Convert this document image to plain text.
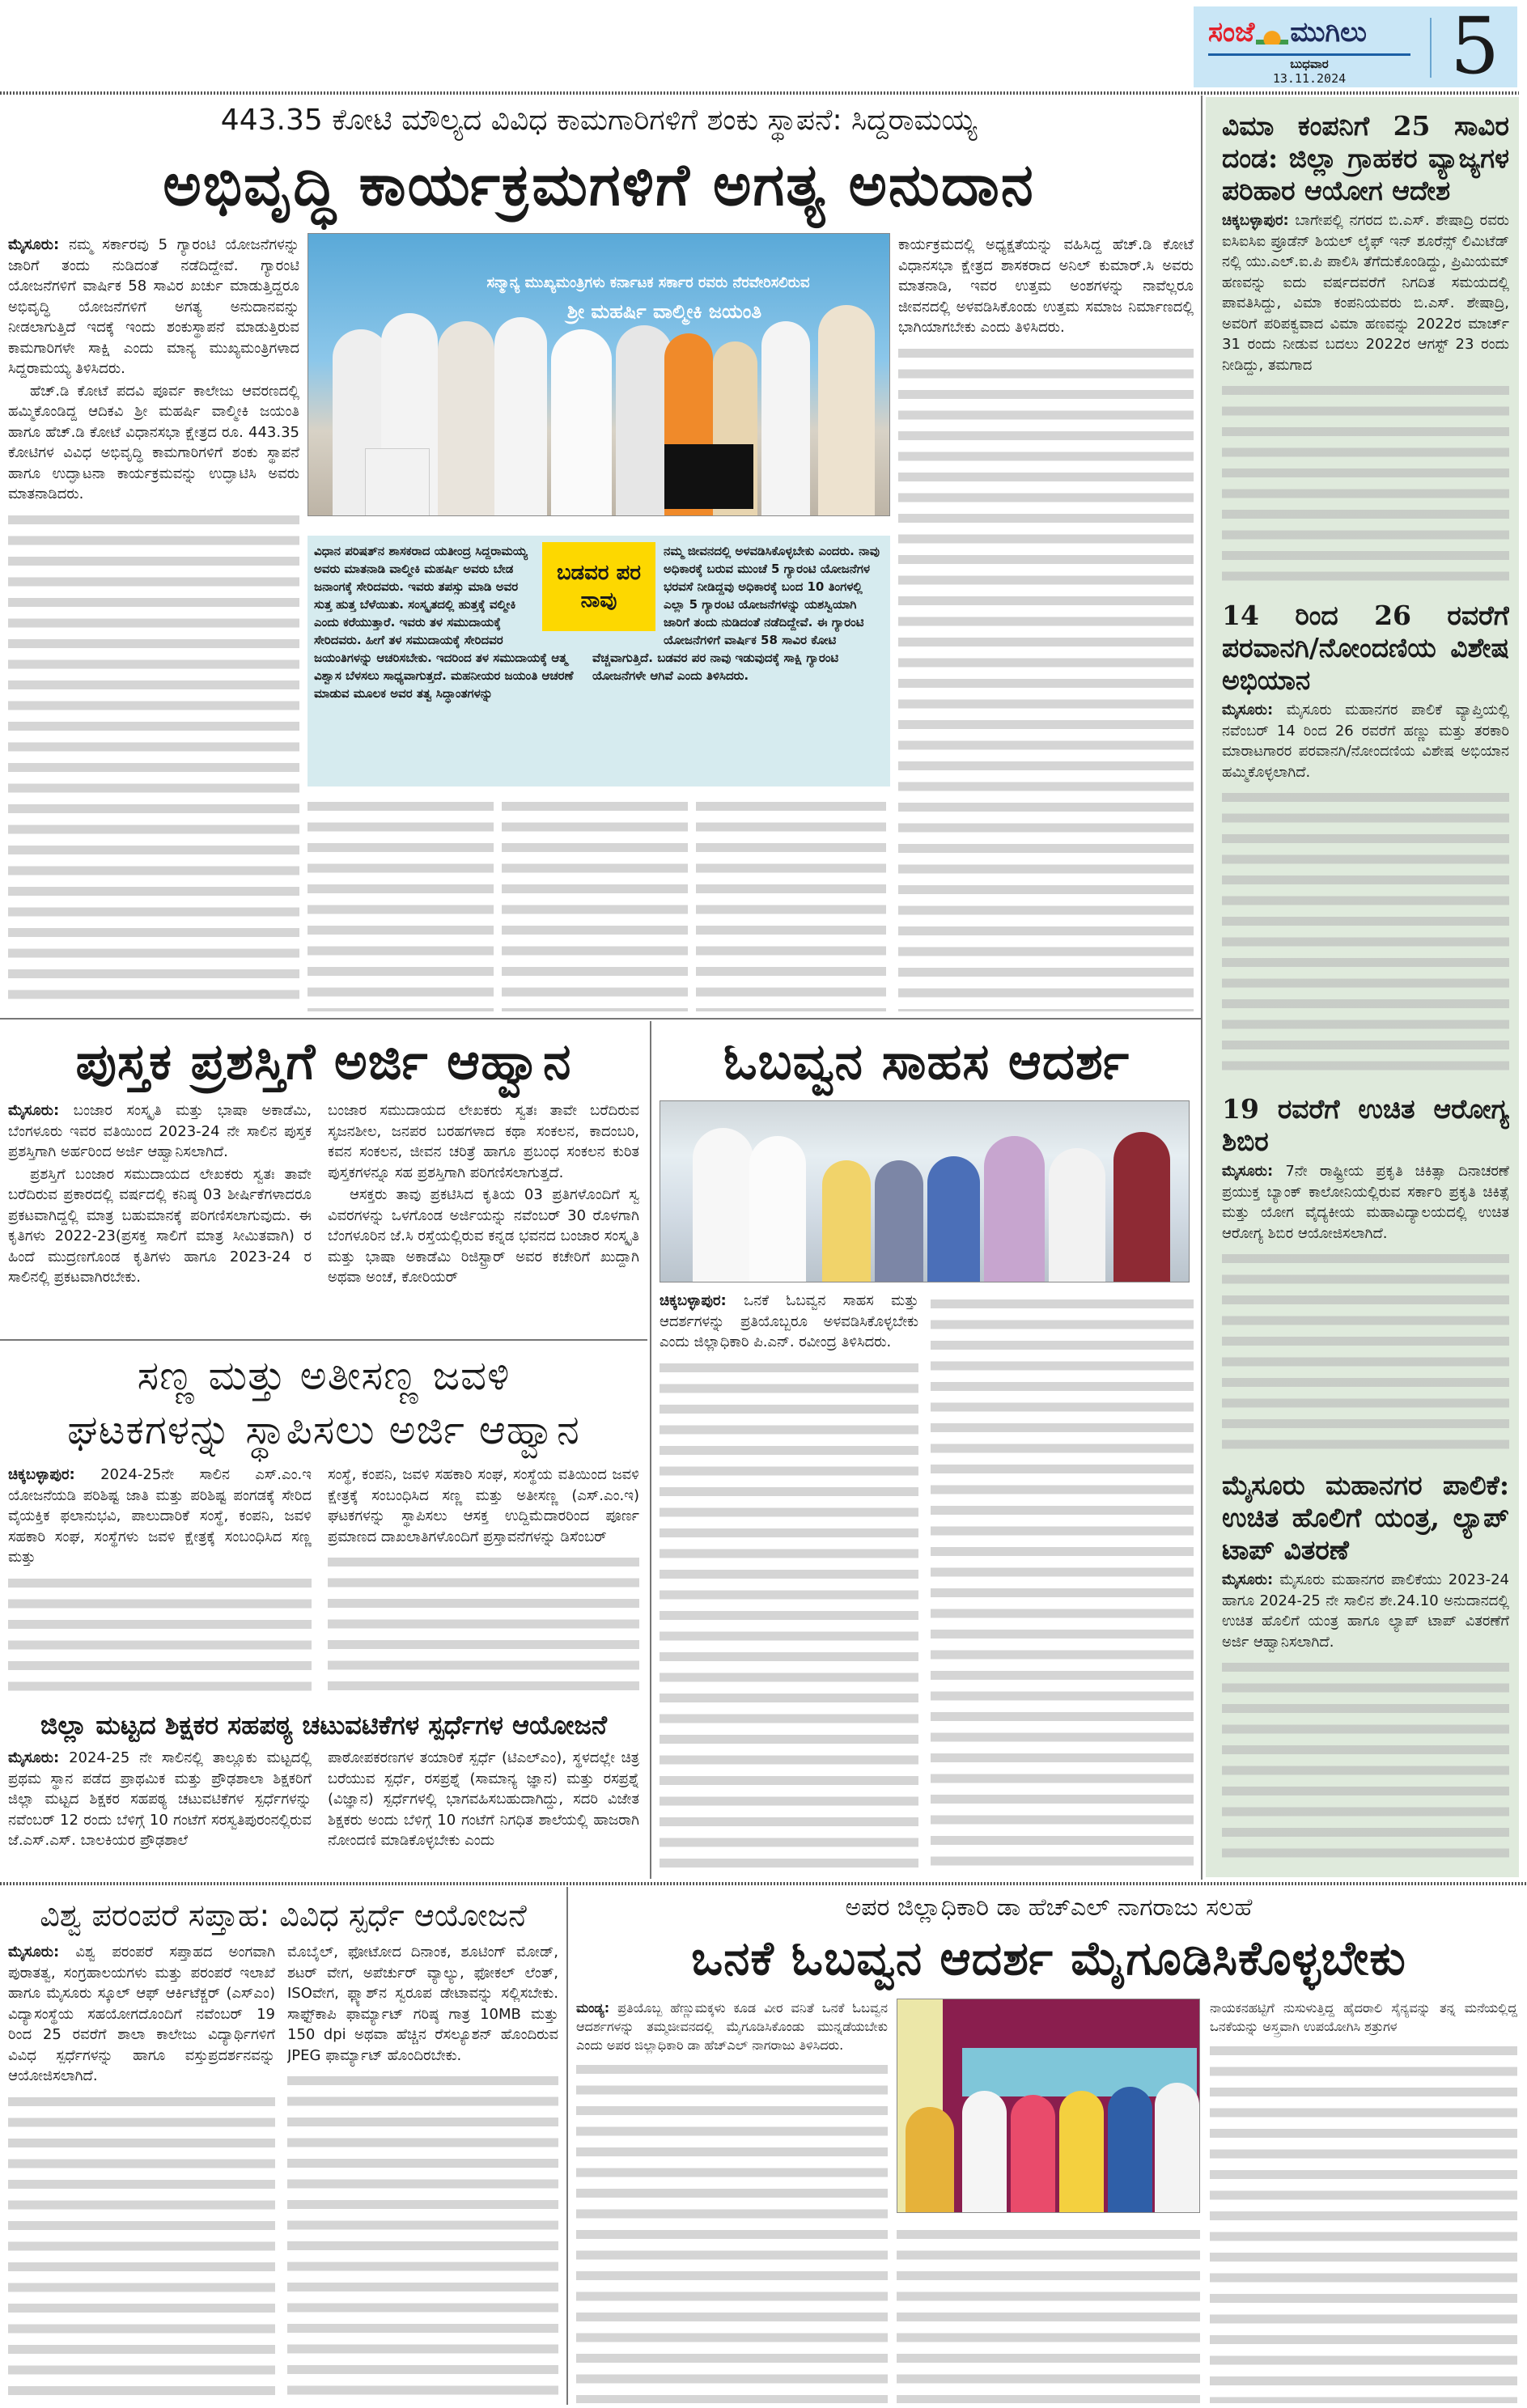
ಸಂಜೆ ಮುಗಿಲು
ಬುಧವಾರ
13.11.2024	5
443.35 ಕೋಟಿ ಮೌಲ್ಯದ ವಿವಿಧ ಕಾಮಗಾರಿಗಳಿಗೆ ಶಂಕು ಸ್ಥಾಪನೆ: ಸಿದ್ದರಾಮಯ್ಯ
ಅಭಿವೃದ್ಧಿ ಕಾರ್ಯಕ್ರಮಗಳಿಗೆ ಅಗತ್ಯ ಅನುದಾನ

ಮೈಸೂರು: ನಮ್ಮ ಸರ್ಕಾರವು 5 ಗ್ಯಾರಂಟಿ ಯೋಜನೆಗಳನ್ನು ಜಾರಿಗೆ ತಂದು ನುಡಿದಂತೆ ನಡೆದಿದ್ದೇವೆ. ಗ್ಯಾರಂಟಿ ಯೋಜನೆಗಳಿಗೆ ವಾರ್ಷಿಕ 58 ಸಾವಿರ ಖರ್ಚು ಮಾಡುತ್ತಿದ್ದರೂ ಅಭಿವೃದ್ಧಿ ಯೋಜನೆಗಳಿಗೆ ಅಗತ್ಯ ಅನುದಾನವನ್ನು ನೀಡಲಾಗುತ್ತಿದೆ ಇದಕ್ಕೆ ಇಂದು ಶಂಕುಸ್ಥಾಪನೆ ಮಾಡುತ್ತಿರುವ ಕಾಮಗಾರಿಗಳೇ ಸಾಕ್ಷಿ ಎಂದು ಮಾನ್ಯ ಮುಖ್ಯಮಂತ್ರಿಗಳಾದ ಸಿದ್ದರಾಮಯ್ಯ ತಿಳಿಸಿದರು.

ಹೆಚ್.ಡಿ ಕೋಟೆ ಪದವಿ ಪೂರ್ವ ಕಾಲೇಜು ಆವರಣದಲ್ಲಿ ಹಮ್ಮಿಕೊಂಡಿದ್ದ ಆದಿಕವಿ ಶ್ರೀ ಮಹರ್ಷಿ ವಾಲ್ಮೀಕಿ ಜಯಂತಿ ಹಾಗೂ ಹೆಚ್.ಡಿ ಕೋಟೆ ವಿಧಾನಸಭಾ ಕ್ಷೇತ್ರದ ರೂ. 443.35 ಕೋಟಿಗಳ ವಿವಿಧ ಅಭಿವೃದ್ಧಿ ಕಾಮಗಾರಿಗಳಿಗೆ ಶಂಕು ಸ್ಥಾಪನೆ ಹಾಗೂ ಉದ್ಘಾಟನಾ ಕಾರ್ಯಕ್ರಮವನ್ನು ಉದ್ಘಾಟಿಸಿ ಅವರು ಮಾತನಾಡಿದರು.

ಸನ್ಮಾನ್ಯ ಮುಖ್ಯಮಂತ್ರಿಗಳು ಕರ್ನಾಟಕ ಸರ್ಕಾರ ರವರು ನೆರವೇರಿಸಲಿರುವ
ಶ್ರೀ ಮಹರ್ಷಿ ವಾಲ್ಮೀಕಿ ಜಯಂತಿ
ವಿಧಾನ ಪರಿಷತ್‌ನ ಶಾಸಕರಾದ ಯತೀಂದ್ರ ಸಿದ್ದರಾಮಯ್ಯ ಅವರು ಮಾತನಾಡಿ ವಾಲ್ಮೀಕಿ ಮಹರ್ಷಿ ಅವರು ಬೇಡ ಜನಾಂಗಕ್ಕೆ ಸೇರಿದವರು. ಇವರು ತಪಸ್ಸು ಮಾಡಿ ಅವರ ಸುತ್ತ ಹುತ್ತ ಬೆಳೆಯಿತು. ಸಂಸ್ಕೃತದಲ್ಲಿ ಹುತ್ತಕ್ಕೆ ವಲ್ಮೀಕಿ ಎಂದು ಕರೆಯುತ್ತಾರೆ. ಇವರು ತಳ ಸಮುದಾಯಕ್ಕೆ ಸೇರಿದವರು. ಹೀಗೆ ತಳ ಸಮುದಾಯಕ್ಕೆ ಸೇರಿದವರ ಜಯಂತಿಗಳನ್ನು ಆಚರಿಸಬೇಕು. ಇದರಿಂದ ತಳ ಸಮುದಾಯಕ್ಕೆ ಆತ್ಮ ವಿಶ್ವಾಸ ಬೆಳಸಲು ಸಾಧ್ಯವಾಗುತ್ತದೆ. ಮಹನೀಯರ ಜಯಂತಿ ಆಚರಣೆ ಮಾಡುವ ಮೂಲಕ ಅವರ ತತ್ವ ಸಿದ್ಧಾಂತಗಳನ್ನು
ಬಡವರ ಪರ ನಾವು
ನಮ್ಮ ಜೀವನದಲ್ಲಿ ಅಳವಡಿಸಿಕೊಳ್ಳಬೇಕು ಎಂದರು. ನಾವು ಅಧಿಕಾರಕ್ಕೆ ಬರುವ ಮುಂಚೆ 5 ಗ್ಯಾರಂಟಿ ಯೋಜನೆಗಳ ಭರವಸೆ ನೀಡಿದ್ದವು ಅಧಿಕಾರಕ್ಕೆ ಬಂದ 10 ತಿಂಗಳಲ್ಲಿ ಎಲ್ಲಾ 5 ಗ್ಯಾರಂಟಿ ಯೋಜನೆಗಳನ್ನು ಯಶಸ್ವಿಯಾಗಿ ಜಾರಿಗೆ ತಂದು ನುಡಿದಂತೆ ನಡೆದಿದ್ದೇವೆ. ಈ ಗ್ಯಾರಂಟಿ ಯೋಜನೆಗಳಿಗೆ ವಾರ್ಷಿಕ 58 ಸಾವಿರ ಕೋಟಿ ವೆಚ್ಚವಾಗುತ್ತಿದೆ. ಬಡವರ ಪರ ನಾವು ಇಡುವುದಕ್ಕೆ ಸಾಕ್ಷಿ ಗ್ಯಾರಂಟಿ ಯೋಜನೆಗಳೇ ಆಗಿವೆ ಎಂದು ತಿಳಿಸಿದರು.

ಕಾರ್ಯಕ್ರಮದಲ್ಲಿ ಅಧ್ಯಕ್ಷತೆಯನ್ನು ವಹಿಸಿದ್ದ ಹೆಚ್.ಡಿ ಕೋಟೆ ವಿಧಾನಸಭಾ ಕ್ಷೇತ್ರದ ಶಾಸಕರಾದ ಅನಿಲ್ ಕುಮಾರ್.ಸಿ ಅವರು ಮಾತನಾಡಿ, ಇವರ ಉತ್ತಮ ಅಂಶಗಳನ್ನು ನಾವೆಲ್ಲರೂ ಜೀವನದಲ್ಲಿ ಅಳವಡಿಸಿಕೊಂಡು ಉತ್ತಮ ಸಮಾಜ ನಿರ್ಮಾಣದಲ್ಲಿ ಭಾಗಿಯಾಗಬೇಕು ಎಂದು ತಿಳಿಸಿದರು.

ವಿಮಾ ಕಂಪನಿಗೆ 25 ಸಾವಿರ ದಂಡ: ಜಿಲ್ಲಾ ಗ್ರಾಹಕರ ವ್ಯಾಜ್ಯಗಳ ಪರಿಹಾರ ಆಯೋಗ ಆದೇಶ

ಚಿಕ್ಕಬಳ್ಳಾಪುರ: ಬಾಗೇಪಲ್ಲಿ ನಗರದ ಬಿ.ಎಸ್. ಶೇಷಾದ್ರಿ ರವರು ಐಸಿಐಸಿಐ ಪ್ರೂಡೆನ್ ಶಿಯಲ್ ಲೈಫ್ ಇನ್ ಶೂರೆನ್ಸ್ ಲಿಮಿಟೆಡ್ ನಲ್ಲಿ ಯು.ಎಲ್.ಐ.ಪಿ ಪಾಲಿಸಿ ತೆಗೆದುಕೊಂಡಿದ್ದು, ಪ್ರಿಮಿಯಮ್ ಹಣವನ್ನು ಐದು ವರ್ಷದವರೆಗೆ ನಿಗದಿತ ಸಮಯದಲ್ಲಿ ಪಾವತಿಸಿದ್ದು, ವಿಮಾ ಕಂಪನಿಯವರು ಬಿ.ಎಸ್. ಶೇಷಾದ್ರಿ, ಅವರಿಗೆ ಪರಿಪಕ್ವವಾದ ವಿಮಾ ಹಣವನ್ನು 2022ರ ಮಾರ್ಚ್ 31 ರಂದು ನೀಡುವ ಬದಲು 2022ರ ಆಗಸ್ಟ್ 23 ರಂದು ನೀಡಿದ್ದು, ತಮಗಾದ

14 ರಿಂದ 26 ರವರೆಗೆ ಪರವಾನಗಿ/ನೋಂದಣಿಯ ವಿಶೇಷ ಅಭಿಯಾನ

ಮೈಸೂರು: ಮೈಸೂರು ಮಹಾನಗರ ಪಾಲಿಕೆ ವ್ಯಾಪ್ತಿಯಲ್ಲಿ ನವೆಂಬರ್ 14 ರಿಂದ 26 ರವರೆಗೆ ಹಣ್ಣು ಮತ್ತು ತರಕಾರಿ ಮಾರಾಟಗಾರರ ಪರವಾನಗಿ/ನೋಂದಣಿಯ ವಿಶೇಷ ಅಭಿಯಾನ ಹಮ್ಮಿಕೊಳ್ಳಲಾಗಿದೆ.

19 ರವರೆಗೆ ಉಚಿತ ಆರೋಗ್ಯ ಶಿಬಿರ

ಮೈಸೂರು: 7ನೇ ರಾಷ್ಟ್ರೀಯ ಪ್ರಕೃತಿ ಚಿಕಿತ್ಸಾ ದಿನಾಚರಣೆ ಪ್ರಯುಕ್ತ ಬ್ಯಾಂಕ್ ಕಾಲೋನಿಯಲ್ಲಿರುವ ಸರ್ಕಾರಿ ಪ್ರಕೃತಿ ಚಿಕಿತ್ಸೆ ಮತ್ತು ಯೋಗ ವೈದ್ಯಕೀಯ ಮಹಾವಿದ್ಯಾಲಯದಲ್ಲಿ ಉಚಿತ ಆರೋಗ್ಯ ಶಿಬಿರ ಆಯೋಜಿಸಲಾಗಿದೆ.

ಮೈಸೂರು ಮಹಾನಗರ ಪಾಲಿಕೆ: ಉಚಿತ ಹೊಲಿಗೆ ಯಂತ್ರ, ಲ್ಯಾಪ್ ಟಾಪ್ ವಿತರಣೆ

ಮೈಸೂರು: ಮೈಸೂರು ಮಹಾನಗರ ಪಾಲಿಕೆಯು 2023-24 ಹಾಗೂ 2024-25 ನೇ ಸಾಲಿನ ಶೇ.24.10 ಅನುದಾನದಲ್ಲಿ ಉಚಿತ ಹೊಲಿಗೆ ಯಂತ್ರ ಹಾಗೂ ಲ್ಯಾಪ್ ಟಾಪ್ ವಿತರಣೆಗೆ ಅರ್ಜಿ ಆಹ್ವಾನಿಸಲಾಗಿದೆ.

ಪುಸ್ತಕ ಪ್ರಶಸ್ತಿಗೆ ಅರ್ಜಿ ಆಹ್ವಾನ

ಮೈಸೂರು: ಬಂಜಾರ ಸಂಸ್ಕೃತಿ ಮತ್ತು ಭಾಷಾ ಅಕಾಡೆಮಿ, ಬೆಂಗಳೂರು ಇವರ ವತಿಯಿಂದ 2023-24 ನೇ ಸಾಲಿನ ಪುಸ್ತಕ ಪ್ರಶಸ್ತಿಗಾಗಿ ಅರ್ಹರಿಂದ ಅರ್ಜಿ ಆಹ್ವಾನಿಸಲಾಗಿದೆ.

ಪ್ರಶಸ್ತಿಗೆ ಬಂಜಾರ ಸಮುದಾಯದ ಲೇಖಕರು ಸ್ವತಃ ತಾವೇ ಬರೆದಿರುವ ಪ್ರಕಾರದಲ್ಲಿ ವರ್ಷದಲ್ಲಿ ಕನಿಷ್ಠ 03 ಶೀರ್ಷಿಕೆಗಳಾದರೂ ಪ್ರಕಟವಾಗಿದ್ದಲ್ಲಿ ಮಾತ್ರ ಬಹುಮಾನಕ್ಕೆ ಪರಿಗಣಿಸಲಾಗುವುದು. ಈ ಕೃತಿಗಳು 2022-23(ಪ್ರಸಕ್ತ ಸಾಲಿಗೆ ಮಾತ್ರ ಸೀಮಿತವಾಗಿ) ರ ಹಿಂದೆ ಮುದ್ರಣಗೊಂಡ ಕೃತಿಗಳು ಹಾಗೂ 2023-24 ರ ಸಾಲಿನಲ್ಲಿ ಪ್ರಕಟವಾಗಿರಬೇಕು.

ಬಂಜಾರ ಸಮುದಾಯದ ಲೇಖಕರು ಸ್ವತಃ ತಾವೇ ಬರೆದಿರುವ ಸೃಜನಶೀಲ, ಜನಪರ ಬರಹಗಳಾದ ಕಥಾ ಸಂಕಲನ, ಕಾದಂಬರಿ, ಕವನ ಸಂಕಲನ, ಜೀವನ ಚರಿತ್ರೆ ಹಾಗೂ ಪ್ರಬಂಧ ಸಂಕಲನ ಕುರಿತ ಪುಸ್ತಕಗಳನ್ನೂ ಸಹ ಪ್ರಶಸ್ತಿಗಾಗಿ ಪರಿಗಣಿಸಲಾಗುತ್ತದೆ.

ಆಸಕ್ತರು ತಾವು ಪ್ರಕಟಿಸಿದ ಕೃತಿಯ 03 ಪ್ರತಿಗಳೊಂದಿಗೆ ಸ್ವ ವಿವರಗಳನ್ನು ಒಳಗೊಂಡ ಅರ್ಜಿಯನ್ನು ನವೆಂಬರ್ 30 ರೊಳಗಾಗಿ ಬೆಂಗಳೂರಿನ ಜೆ.ಸಿ ರಸ್ತೆಯಲ್ಲಿರುವ ಕನ್ನಡ ಭವನದ ಬಂಜಾರ ಸಂಸ್ಕೃತಿ ಮತ್ತು ಭಾಷಾ ಅಕಾಡೆಮಿ ರಿಜಿಸ್ಟ್ರಾರ್ ಅವರ ಕಚೇರಿಗೆ ಖುದ್ದಾಗಿ ಅಥವಾ ಅಂಚೆ, ಕೋರಿಯರ್

ಸಣ್ಣ ಮತ್ತು ಅತೀಸಣ್ಣ ಜವಳಿ
ಘಟಕಗಳನ್ನು ಸ್ಥಾಪಿಸಲು ಅರ್ಜಿ ಆಹ್ವಾನ

ಚಿಕ್ಕಬಳ್ಳಾಪುರ: 2024-25ನೇ ಸಾಲಿನ ಎಸ್.ಎಂ.ಇ ಯೋಜನೆಯಡಿ ಪರಿಶಿಷ್ಟ ಜಾತಿ ಮತ್ತು ಪರಿಶಿಷ್ಟ ಪಂಗಡಕ್ಕೆ ಸೇರಿದ ವೈಯಕ್ತಿಕ ಫಲಾನುಭವಿ, ಪಾಲುದಾರಿಕೆ ಸಂಸ್ಥೆ, ಕಂಪನಿ, ಜವಳಿ ಸಹಕಾರಿ ಸಂಘ, ಸಂಸ್ಥೆಗಳು ಜವಳಿ ಕ್ಷೇತ್ರಕ್ಕೆ ಸಂಬಂಧಿಸಿದ ಸಣ್ಣ ಮತ್ತು

ಸಂಸ್ಥೆ, ಕಂಪನಿ, ಜವಳಿ ಸಹಕಾರಿ ಸಂಘ, ಸಂಸ್ಥೆಯ ವತಿಯಿಂದ ಜವಳಿ ಕ್ಷೇತ್ರಕ್ಕೆ ಸಂಬಂಧಿಸಿದ ಸಣ್ಣ ಮತ್ತು ಅತೀಸಣ್ಣ (ಎಸ್.ಎಂ.ಇ) ಘಟಕಗಳನ್ನು ಸ್ಥಾಪಿಸಲು ಆಸಕ್ತ ಉದ್ದಿಮೆದಾರರಿಂದ ಪೂರ್ಣ ಪ್ರಮಾಣದ ದಾಖಲಾತಿಗಳೊಂದಿಗೆ ಪ್ರಸ್ತಾವನೆಗಳನ್ನು ಡಿಸೆಂಬರ್

ಜಿಲ್ಲಾ ಮಟ್ಟದ ಶಿಕ್ಷಕರ ಸಹಪಠ್ಯ ಚಟುವಟಿಕೆಗಳ ಸ್ಪರ್ಧೆಗಳ ಆಯೋಜನೆ

ಮೈಸೂರು: 2024-25 ನೇ ಸಾಲಿನಲ್ಲಿ ತಾಲ್ಲೂಕು ಮಟ್ಟದಲ್ಲಿ ಪ್ರಥಮ ಸ್ಥಾನ ಪಡೆದ ಪ್ರಾಥಮಿಕ ಮತ್ತು ಪ್ರೌಢಶಾಲಾ ಶಿಕ್ಷಕರಿಗೆ ಜಿಲ್ಲಾ ಮಟ್ಟದ ಶಿಕ್ಷಕರ ಸಹಪಠ್ಯ ಚಟುವಟಿಕೆಗಳ ಸ್ಪರ್ಧೆಗಳನ್ನು ನವೆಂಬರ್ 12 ರಂದು ಬೆಳಿಗ್ಗೆ 10 ಗಂಟೆಗೆ ಸರಸ್ವತಿಪುರಂನಲ್ಲಿರುವ ಜೆ.ಎಸ್.ಎಸ್. ಬಾಲಕಿಯರ ಪ್ರೌಢಶಾಲೆ

ಪಾಠೋಪಕರಣಗಳ ತಯಾರಿಕೆ ಸ್ಪರ್ಧೆ (ಟಿಎಲ್ಎಂ), ಸ್ಥಳದಲ್ಲೇ ಚಿತ್ರ ಬರೆಯುವ ಸ್ಪರ್ಧೆ, ರಸಪ್ರಶ್ನೆ (ಸಾಮಾನ್ಯ ಜ್ಞಾನ) ಮತ್ತು ರಸಪ್ರಶ್ನೆ (ವಿಜ್ಞಾನ) ಸ್ಪರ್ಧೆಗಳಲ್ಲಿ ಭಾಗವಹಿಸಬಹುದಾಗಿದ್ದು, ಸದರಿ ವಿಜೇತ ಶಿಕ್ಷಕರು ಅಂದು ಬೆಳಿಗ್ಗೆ 10 ಗಂಟೆಗೆ ನಿಗಧಿತ ಶಾಲೆಯಲ್ಲಿ ಹಾಜರಾಗಿ ನೋಂದಣಿ ಮಾಡಿಕೊಳ್ಳಬೇಕು ಎಂದು

ಓಬವ್ವನ ಸಾಹಸ ಆದರ್ಶ

ಚಿಕ್ಕಬಳ್ಳಾಪುರ: ಒನಕೆ ಓಬವ್ವನ ಸಾಹಸ ಮತ್ತು ಆದರ್ಶಗಳನ್ನು ಪ್ರತಿಯೊಬ್ಬರೂ ಅಳವಡಿಸಿಕೊಳ್ಳಬೇಕು ಎಂದು ಜಿಲ್ಲಾಧಿಕಾರಿ ಪಿ.ಎನ್. ರವೀಂದ್ರ ತಿಳಿಸಿದರು.

ವಿಶ್ವ ಪರಂಪರೆ ಸಪ್ತಾಹ: ವಿವಿಧ ಸ್ಪರ್ಧೆ ಆಯೋಜನೆ

ಮೈಸೂರು: ವಿಶ್ವ ಪರಂಪರೆ ಸಪ್ತಾಹದ ಅಂಗವಾಗಿ ಪುರಾತತ್ವ, ಸಂಗ್ರಹಾಲಯಗಳು ಮತ್ತು ಪರಂಪರೆ ಇಲಾಖೆ ಹಾಗೂ ಮೈಸೂರು ಸ್ಕೂಲ್ ಆಫ್ ಆರ್ಕಿಟೆಕ್ಚರ್ (ಎಸ್ಎಂ) ವಿದ್ಯಾಸಂಸ್ಥೆಯ ಸಹಯೋಗದೊಂದಿಗೆ ನವೆಂಬರ್ 19 ರಿಂದ 25 ರವರೆಗೆ ಶಾಲಾ ಕಾಲೇಜು ವಿದ್ಯಾರ್ಥಿಗಳಿಗೆ ವಿವಿಧ ಸ್ಪರ್ಧೆಗಳನ್ನು ಹಾಗೂ ವಸ್ತುಪ್ರದರ್ಶನವನ್ನು ಆಯೋಜಿಸಲಾಗಿದೆ.

ಮೊಬೈಲ್, ಫೋಟೋದ ದಿನಾಂಕ, ಶೂಟಿಂಗ್ ಮೋಡ್, ಶಟರ್ ವೇಗ, ಅಪೆರ್ಚುರ್ ವ್ಯಾಲ್ಯು, ಫೋಕಲ್ ಲೆಂತ್, ISOವೇಗ, ಫ್ಲ್ಯಾಶ್‌ನ ಸ್ವರೂಪ ಡೇಟಾವನ್ನು ಸಲ್ಲಿಸಬೇಕು. ಸಾಫ್ಟ್‌ಕಾಪಿ ಫಾರ್ಮ್ಯಾಟ್ ಗರಿಷ್ಠ ಗಾತ್ರ 10MB ಮತ್ತು 150 dpi ಅಥವಾ ಹೆಚ್ಚಿನ ರೆಸಲ್ಯೂಶನ್ ಹೊಂದಿರುವ JPEG ಫಾರ್ಮ್ಯಾಟ್ ಹೊಂದಿರಬೇಕು.

ಅಪರ ಜಿಲ್ಲಾಧಿಕಾರಿ ಡಾ ಹೆಚ್‌ಎಲ್ ನಾಗರಾಜು ಸಲಹೆ
ಒನಕೆ ಓಬವ್ವನ ಆದರ್ಶ ಮೈಗೂಡಿಸಿಕೊಳ್ಳಬೇಕು

ಮಂಡ್ಯ: ಪ್ರತಿಯೊಬ್ಬ ಹೆಣ್ಣುಮಕ್ಕಳು ಕೂಡ ವೀರ ವನಿತೆ ಒನಕೆ ಓಬವ್ವನ ಆದರ್ಶಗಳನ್ನು ತಮ್ಮಜೀವನದಲ್ಲಿ ಮೈಗೂಡಿಸಿಕೊಂಡು ಮುನ್ನಡೆಯಬೇಕು ಎಂದು ಅಪರ ಜಿಲ್ಲಾಧಿಕಾರಿ ಡಾ ಹೆಚ್‌ಎಲ್ ನಾಗರಾಜು ತಿಳಿಸಿದರು.

ನಾಯಕನಹಟ್ಟಿಗೆ ನುಸುಳುತ್ತಿದ್ದ ಹೈದರಾಲಿ ಸೈನ್ಯವನ್ನು ತನ್ನ ಮನೆಯಲ್ಲಿದ್ದ ಒನಕೆಯನ್ನು ಅಸ್ತ್ರವಾಗಿ ಉಪಯೋಗಿಸಿ ಶತ್ರುಗಳ
